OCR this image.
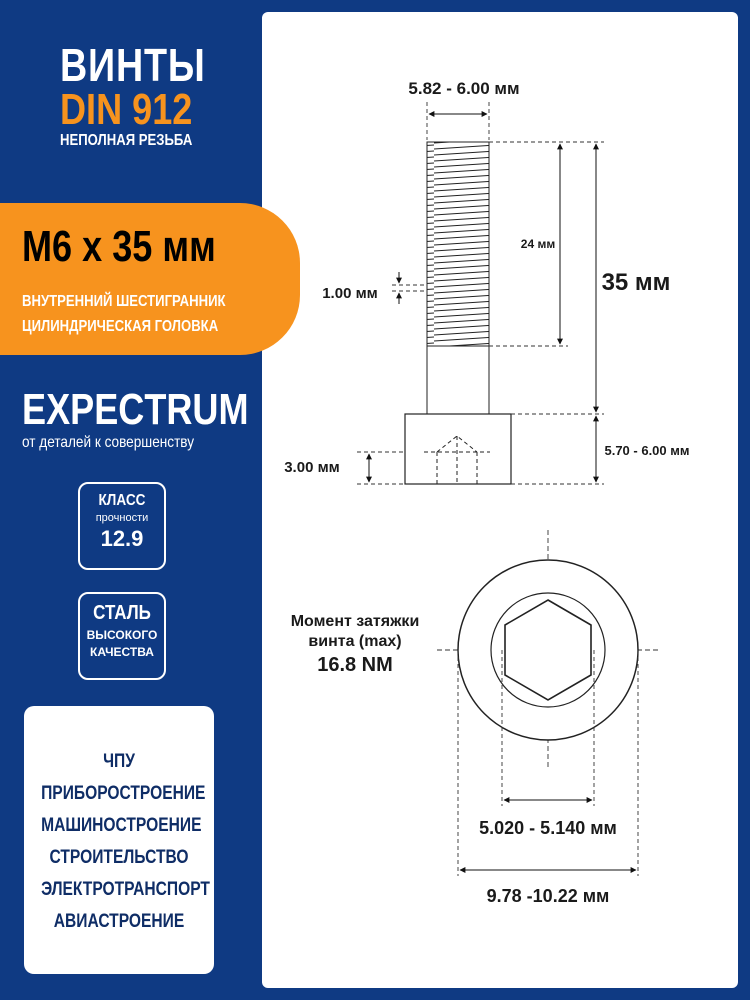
ВИНТЫ
DIN 912
НЕПОЛНАЯ РЕЗЬБА
M6 x 35 мм
ВНУТРЕННИЙ ШЕСТИГРАННИК
ЦИЛИНДРИЧЕСКАЯ ГОЛОВКА
EXPECTRUM
от деталей к совершенству
КЛАСС
прочности
12.9
СТАЛЬ
ВЫСОКОГО
КАЧЕСТВА
ЧПУ
ПРИБОРОСТРОЕНИЕ
МАШИНОСТРОЕНИЕ
СТРОИТЕЛЬСТВО
ЭЛЕКТРОТРАНСПОРТ
АВИАСТРОЕНИЕ
5.82 - 6.00 мм
24 мм
35 мм
1.00 мм
5.70 - 6.00 мм
3.00 мм
5.020 - 5.140 мм
9.78 -10.22 мм
Момент затяжки
винта (max)
16.8 NM
